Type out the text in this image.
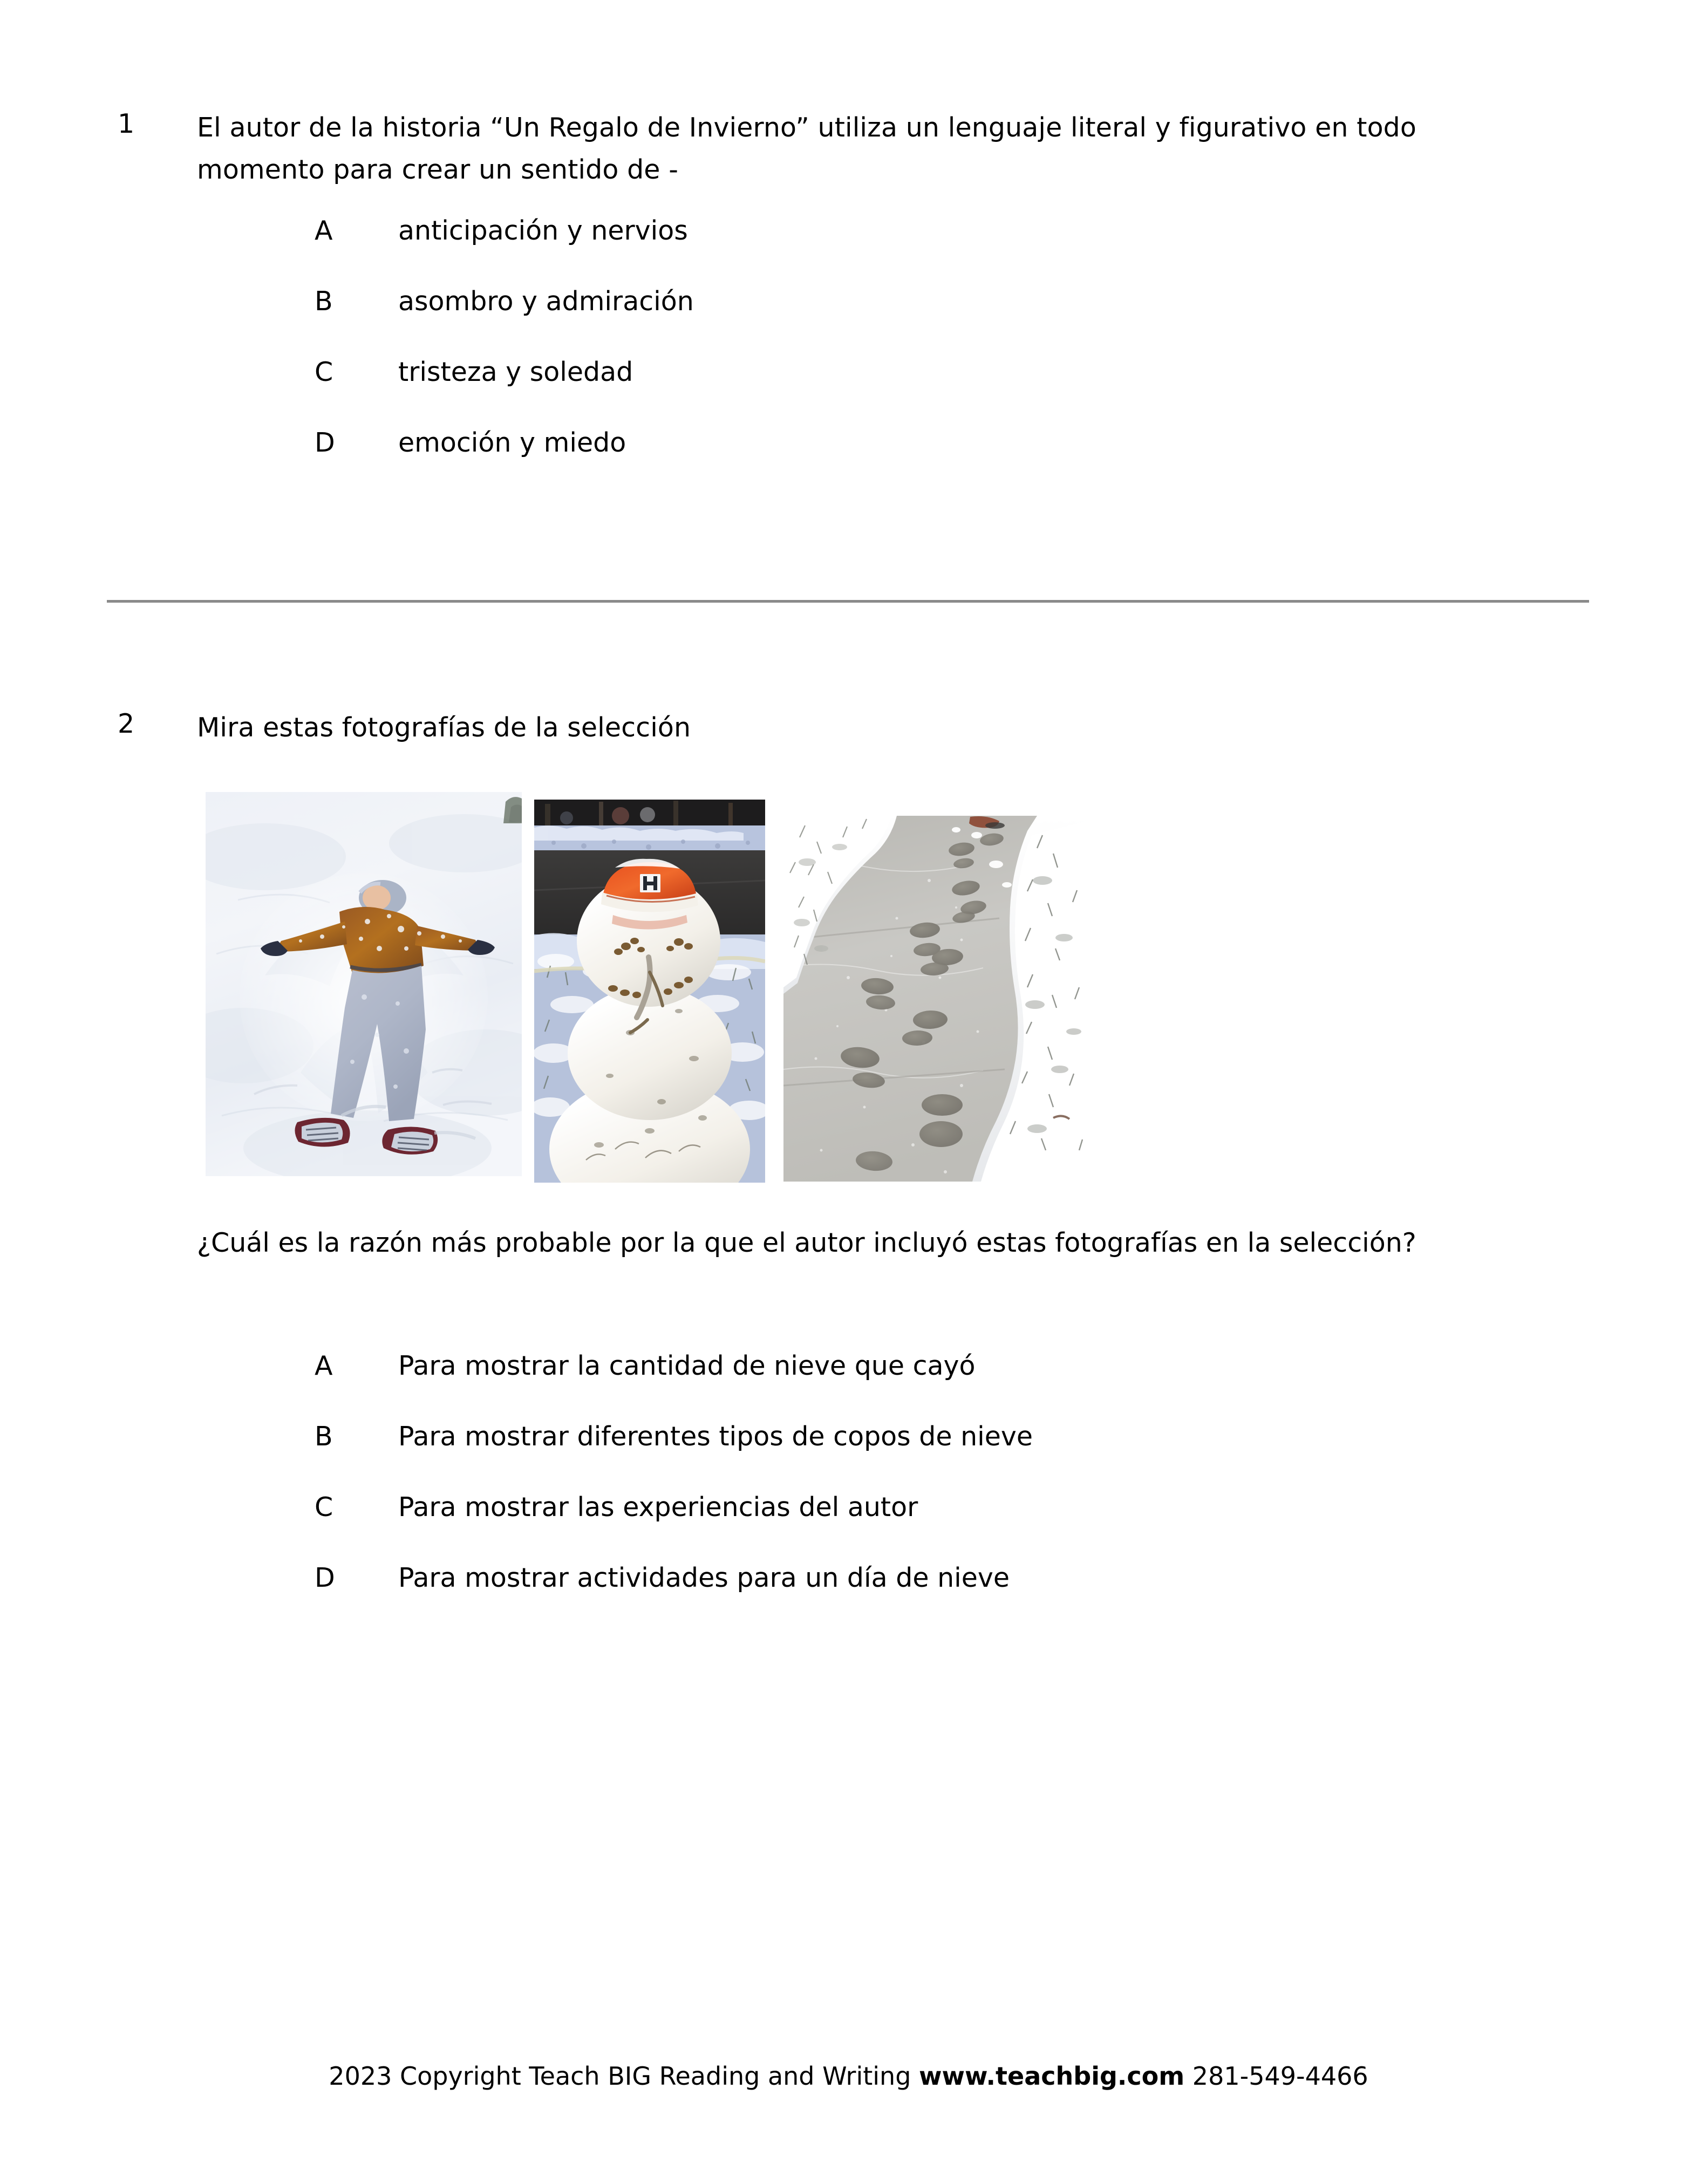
1	El autor de la historia “Un Regalo de Invierno” utiliza un lenguaje literal y figurativo en todo momento para crear un sentido de -
A	anticipación y nervios
B	asombro y admiración
C	tristeza y soledad
D	emoción y miedo
2	Mira estas fotografías de la selección
¿Cuál es la razón más probable por la que el autor incluyó estas fotografías en la selección?
A	Para mostrar la cantidad de nieve que cayó
B	Para mostrar diferentes tipos de copos de nieve
C	Para mostrar las experiencias del autor
D	Para mostrar actividades para un día de nieve
2023 Copyright Teach BIG Reading and Writing www.teachbig.com 281-549-4466
